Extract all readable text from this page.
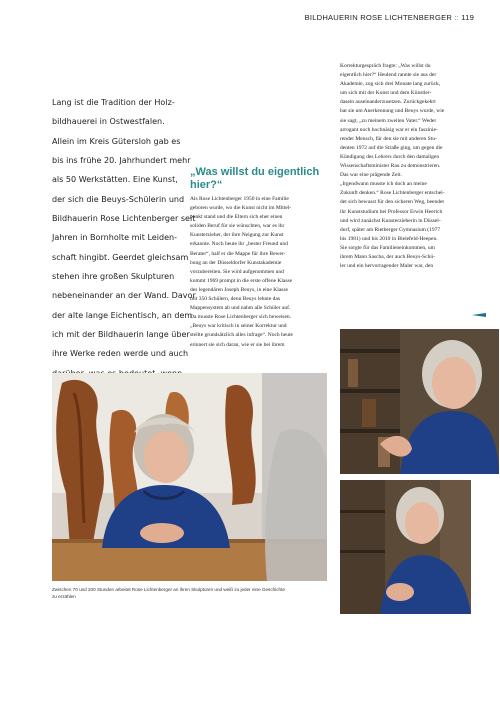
BILDHAUERIN ROSE LICHTENBERGER :: 119

Lang ist die Tradition der Holz-
bildhauerei in Ostwestfalen.
Allein im Kreis Gütersloh gab es
bis ins frühe 20. Jahrhundert mehr
als 50 Werkstätten. Eine Kunst,
der sich die Beuys-Schülerin und
Bildhauerin Rose Lichtenberger seit
Jahren in Bornholte mit Leiden-
schaft hingibt. Geerdet gleichsam
stehen ihre großen Skulpturen
nebeneinander an der Wand. Davor
der alte lange Eichentisch, an dem
ich mit der Bildhauerin lange über
ihre Werke reden werde und auch

„Was willst du eigentlich
hier?“

Als Rose Lichtenberger 1950 in eine Familie
geboren wurde, wo die Kunst nicht im Mittel-
punkt stand und die Eltern sich eher einen
soliden Beruf für sie wünschten, war es ihr
Kunsterzieher, der ihre Neigung zur Kunst
erkannte. Noch heute ihr „bester Freund und
Berater“, half er die Mappe für ihre Bewer-
bung an der Düsseldorfer Kunstakademie
vorzubereiten. Sie wird aufgenommen und
kommt 1969 prompt in die erste offene Klasse
des legendären Joseph Beuys, in eine Klasse
mit 350 Schülern, denn Beuys lehnte das
Mappensystem ab und nahm alle Schüler auf.
Da musste Rose Lichtenberger sich beweisen.
„Beuys war kritisch in seiner Korrektur und
stellte grundsätzlich alles infrage“. Noch heute
erinnert sie sich daran, wie er sie bei ihrem

Korrekturgespräch fragte: „Was willst du
eigentlich hier?“ Heulend rannte sie aus der
Akademie, zog sich drei Monate lang zurück,
um sich mit der Kunst und dem Künstler-
dasein auseinanderzusetzen. Zurückgekehrt
bat sie um Anerkennung und Beuys wurde, wie
sie sagt, „zu meinem zweiten Vater.“ Weder
arrogant noch hochnäsig war er ein faszinie-
render Mensch, für den sie mit anderen Stu-
denten 1972 auf die Straße ging, um gegen die
Kündigung des Lehrers durch den damaligen
Wissenschaftsminister Rau zu demonstrieren.
Das war eine prägende Zeit.
„Irgendwann musste ich doch an meine
Zukunft denken.“ Rose Lichtenberger entschei-
det sich bewusst für den sicheren Weg, beendet
ihr Kunststudium bei Professor Erwin Heerich
und wird zunächst Kunsterzieherin in Düssel-
dorf, später am Rietberger Gymnasium (1977
bis 1981) und bis 2010 in Bielefeld-Heepen.
Sie sorgte für das Familieneinkommen, um
ihrem Mann Sascha, der auch Beuys-Schü-
ler und ein hervorragender Maler war, den

Zwischen 70 und 200 Stunden arbeitet Rose Lichtenberger an ihren Skulpturen und weiß zu jeder eine Geschichte
zu erzählen
